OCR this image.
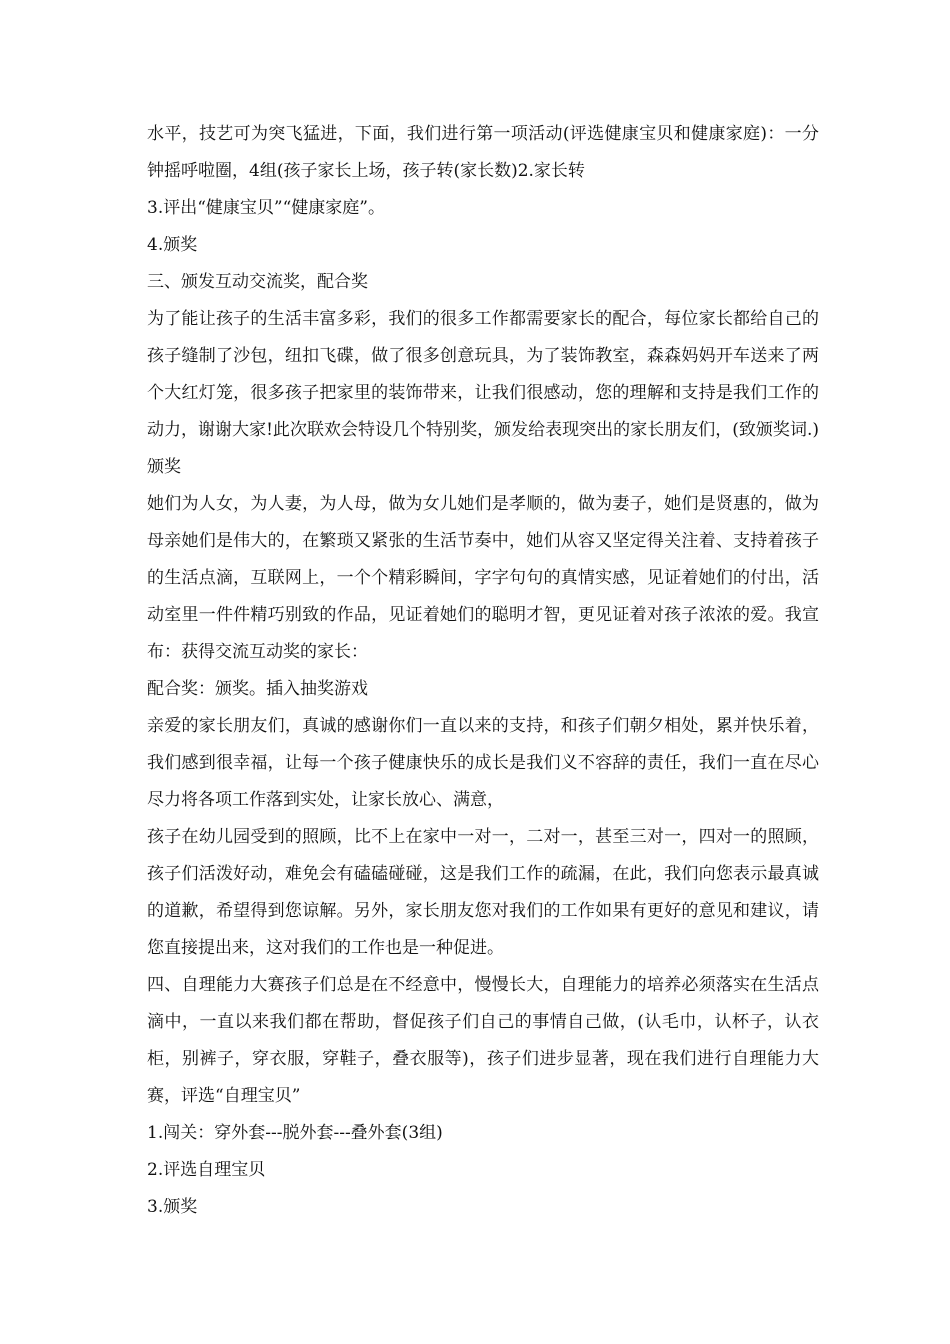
水平，技艺可为突飞猛进，下面，我们进行第一项活动(评选健康宝贝和健康家庭)：一分钟摇呼啦圈，4组(孩子家长上场，孩子转(家长数)2.家长转

3.评出“健康宝贝”“健康家庭”。

4.颁奖

三、颁发互动交流奖，配合奖

为了能让孩子的生活丰富多彩，我们的很多工作都需要家长的配合，每位家长都给自己的孩子缝制了沙包，纽扣飞碟，做了很多创意玩具，为了装饰教室，森森妈妈开车送来了两个大红灯笼，很多孩子把家里的装饰带来，让我们很感动，您的理解和支持是我们工作的动力，谢谢大家!此次联欢会特设几个特别奖，颁发给表现突出的家长朋友们，(致颁奖词.)颁奖

她们为人女，为人妻，为人母，做为女儿她们是孝顺的，做为妻子，她们是贤惠的，做为母亲她们是伟大的，在繁琐又紧张的生活节奏中，她们从容又坚定得关注着、支持着孩子的生活点滴，互联网上，一个个精彩瞬间，字字句句的真情实感，见证着她们的付出，活动室里一件件精巧别致的作品，见证着她们的聪明才智，更见证着对孩子浓浓的爱。我宣布：获得交流互动奖的家长：

配合奖：颁奖。插入抽奖游戏

亲爱的家长朋友们，真诚的感谢你们一直以来的支持，和孩子们朝夕相处，累并快乐着，我们感到很幸福，让每一个孩子健康快乐的成长是我们义不容辞的责任，我们一直在尽心尽力将各项工作落到实处，让家长放心、满意，

孩子在幼儿园受到的照顾，比不上在家中一对一，二对一，甚至三对一，四对一的照顾，孩子们活泼好动，难免会有磕磕碰碰，这是我们工作的疏漏，在此，我们向您表示最真诚的道歉，希望得到您谅解。另外，家长朋友您对我们的工作如果有更好的意见和建议，请您直接提出来，这对我们的工作也是一种促进。

四、自理能力大赛孩子们总是在不经意中，慢慢长大，自理能力的培养必须落实在生活点滴中，一直以来我们都在帮助，督促孩子们自己的事情自己做，(认毛巾，认杯子，认衣柜，别裤子，穿衣服，穿鞋子，叠衣服等)，孩子们进步显著，现在我们进行自理能力大赛，评选“自理宝贝”

1.闯关：穿外套---脱外套---叠外套(3组)

2.评选自理宝贝

3.颁奖
